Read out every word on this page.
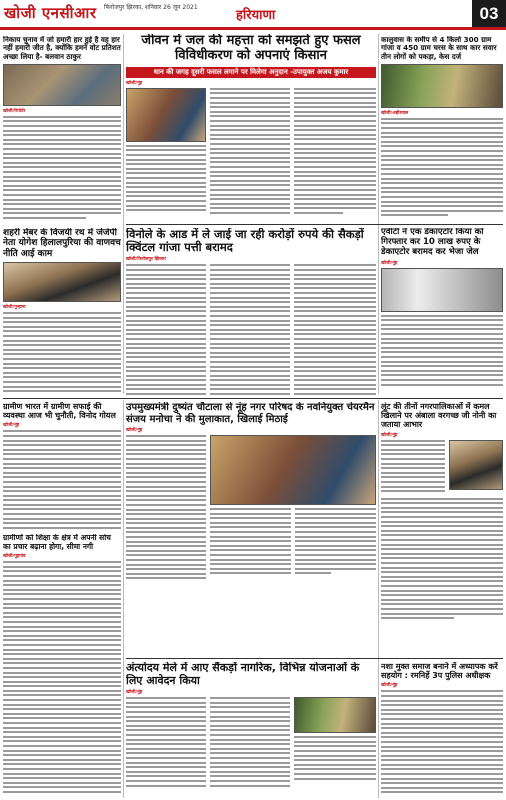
खोजी एनसीआर फिरोजपुर झिरका, शनिवार 26 जून 2021
हरियाणा	03
निकाय चुनाव में जो हमारी हार हुई है वह हार नहीं हमारी जीत है, क्योंकि हमने वोट प्रतिशत अच्छा लिया है- बलवान ठाकुर
खोजी/रिपोर्टर
जीवन में जल की महत्ता को समझते हुए फसल विविधीकरण को अपनाएं किसान
धान की जगह दूसरी फसल लगाने पर मिलेगा अनुदान -उपायुक्त अजय कुमार
खोजी/नूंह
कालुवास के समीप से 4 किलो 300 ग्राम गांजा व 450 ग्राम चरस के साथ कार सवार तीन लोगों को पकड़ा, केस दर्ज
खोजी/अहीरवाल
शहरी मेंबर के विजयी रथ में जेजेपी नेता योगेश हिलालपुरिया की वाणवच नीति आई काम
खोजी/पुन्हाना
विनोले के आड में ले जाई जा रही करोड़ों रुपये की सैकड़ों क्विंटल गांजा पत्ती बरामद
खोजी/फिरोजपुर झिरका
एवीटी ने एक डेकाएटोर किया को गिरफ्तार कर 10 लाख रुपए के डेकाएटोर बरामद कर भेजा जेल
खोजी/नूंह
ग्रामीण भारत में ग्रामीण सफाई की व्यवस्था आज भी चुनौती, विनोद गोयल
खोजी/नूंह
उपमुख्यमंत्री दुष्यंत चौटाला से नूंह नगर परिषद के नवनियुक्त चेयरमैन संजय मनोचा ने की मुलाकात, खिलाई मिठाई
खोजी/नूंह
लूंट की तीनों नगरपालिकाओं में कमल खिलाने पर अंबाला वरगच्छ जी नोनी का जताया आभार
खोजी/नूंह
ग्रामीणों को शिक्षा के क्षेत्र में अपनी सोच का प्रचार बढ़ाना होगा, सीमा नगी
खोजी/गुड़गांव
अंत्योदय मेले में आए सैंकड़ों नागरिक, विभिन्न योजनाओं के लिए आवेदन किया
खोजी/नूंह
नशा मुक्त समाज बनाने में अध्यापक करें सहयोग : रमनिर्हे 3प पुलिस अधीक्षक
खोजी/नूंह
